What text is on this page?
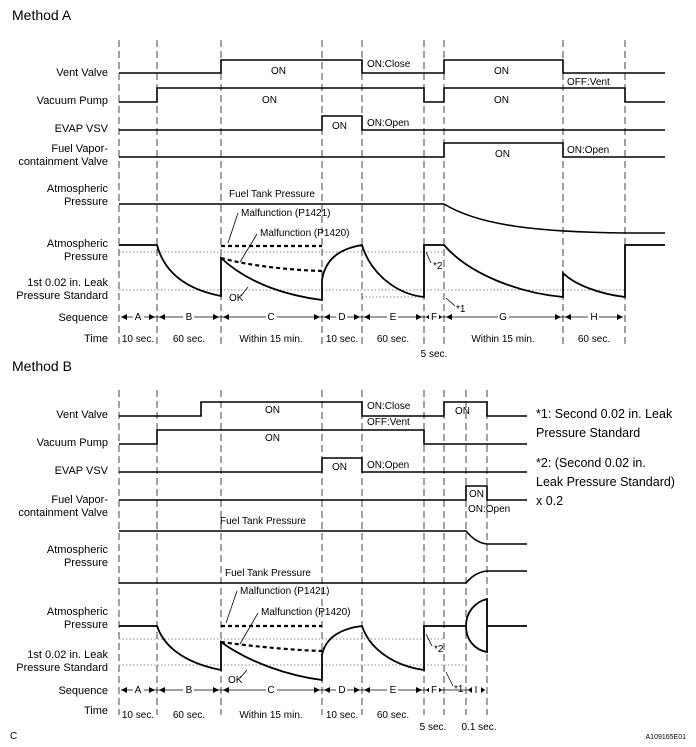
Method A
Vent Valve
Vacuum Pump
EVAP VSV
Fuel Vapor-
containment Valve
Atmospheric
Pressure
Atmospheric
Pressure
1st 0.02 in. Leak
Pressure Standard
Sequence
Time
ON
ON:Close
ON
OFF:Vent
ON	ON
ON ON:Open
ON	ON:Open
Fuel Tank Pressure
Malfunction (P1421)
Malfunction (P1420)
OK
*2
*1
A	B	C	D	E	F	G	H
10 sec. 60 sec.	Within 15 min. 10 sec. 60 sec.
5 sec.
Within 15 min.	60 sec.
Method B
Vent Valve
Vacuum Pump
EVAP VSV
Fuel Vapor-
containment Valve
Atmospheric
Pressure
Atmospheric
Pressure
1st 0.02 in. Leak
Pressure Standard
Sequence
Time
ON	ON:Close
OFF:Vent
ON
ON
ON ON:Open
ON
ON:Open
Fuel Tank Pressure
Fuel Tank Pressure
Malfunction (P1421)
Malfunction (P1420)
OK
*2
*1
A	B	C	D	E	F	I
10 sec. 60 sec.	Within 15 min. 10 sec. 60 sec.
5 sec. 0.1 sec.
*1: Second 0.02 in. Leak
Pressure Standard
*2: (Second 0.02 in.
Leak Pressure Standard)
x 0.2
C	A109165E01
